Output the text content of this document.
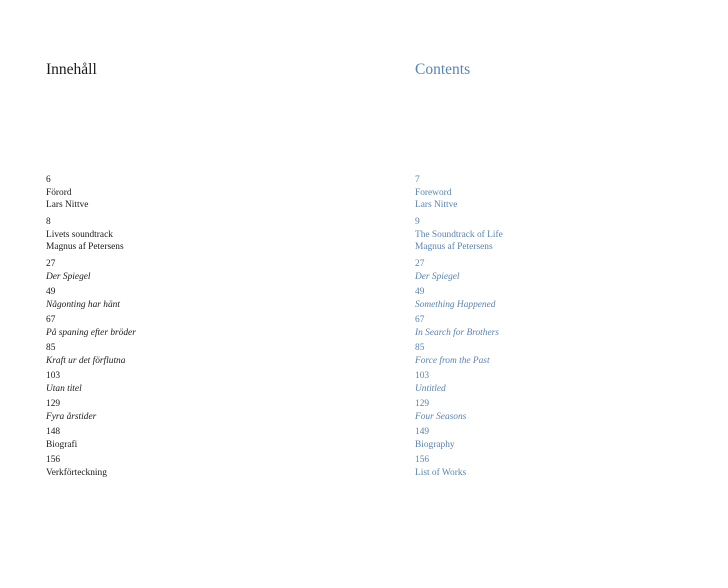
Innehåll
6
Förord
Lars Nittve
8
Livets soundtrack
Magnus af Petersens
27
Der Spiegel
49
Någonting har hänt
67
På spaning efter bröder
85
Kraft ur det förflutna
103
Utan titel
129
Fyra årstider
148
Biografi
156
Verkförteckning
Contents
7
Foreword
Lars Nittve
9
The Soundtrack of Life
Magnus af Petersens
27
Der Spiegel
49
Something Happened
67
In Search for Brothers
85
Force from the Past
103
Untitled
129
Four Seasons
149
Biography
156
List of Works
